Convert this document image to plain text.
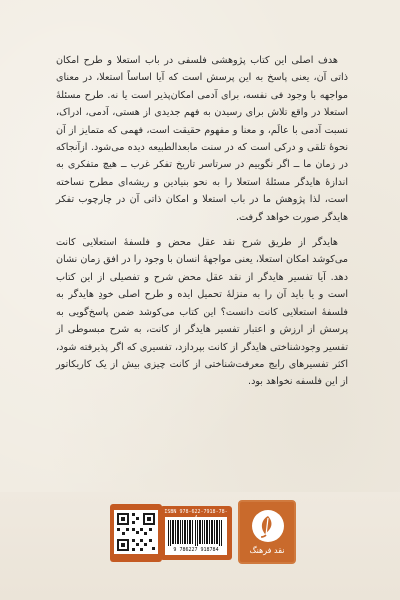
هدف اصلی این کتاب پژوهشی فلسفی در باب استعلا و طرح امکان ذاتی آن، یعنی پاسخ به این پرسش است که آیا اساساً استعلا، در معنای مواجهه با وجود فی نفسه، برای آدمی امکان‌پذیر است یا نه. طرح مسئلهٔ استعلا در واقع تلاش برای رسیدن به فهم جدیدی از هستی، آدمی، ادراک، نسبت آدمی با عالَم، و معنا و مفهوم حقیقت است، فهمی که متمایز از آن نحوهٔ تلقی و درکی است که در سنت مابعدالطبیعه دیده می‌شود. ازآنجاکه در زمان ما ــ اگر نگوییم در سرتاسر تاریخ تفکر غرب ــ هیچ متفکری به اندازهٔ هایدگر مسئلهٔ استعلا را به نحو بنیادین و ریشه‌ای مطرح نساخته است، لذا پژوهش ما در باب استعلا و امکان ذاتی آن در چارچوب تفکر هایدگر صورت خواهد گرفت.

هایدگر از طریق شرح نقد عقل محض و فلسفهٔ استعلایی کانت می‌کوشد امکان استعلا، یعنی مواجههٔ انسان با وجود را در افق زمان نشان دهد. آیا تفسیر هایدگر از نقد عقل محض شرح و تفصیلی از این کتاب است و یا باید آن را به منزلهٔ تحمیل ایده و طرح اصلی خودِ هایدگر به فلسفهٔ استعلایی کانت دانست؟ این کتاب می‌کوشد ضمن پاسخ‌گویی به پرسش از ارزش و اعتبار تفسیر هایدگر از کانت، به شرح مبسوطی از تفسیر وجودشناختی هایدگر از کانت بپردازد، تفسیری که اگر پذیرفته شود، اکثر تفسیرهای رایج معرفت‌شناختی از کانت چیزی بیش از یک کاریکاتور از این فلسفه نخواهد بود.

ISBN 978-622-7918-78-
9 786227 918784	نقد فرهنگ
